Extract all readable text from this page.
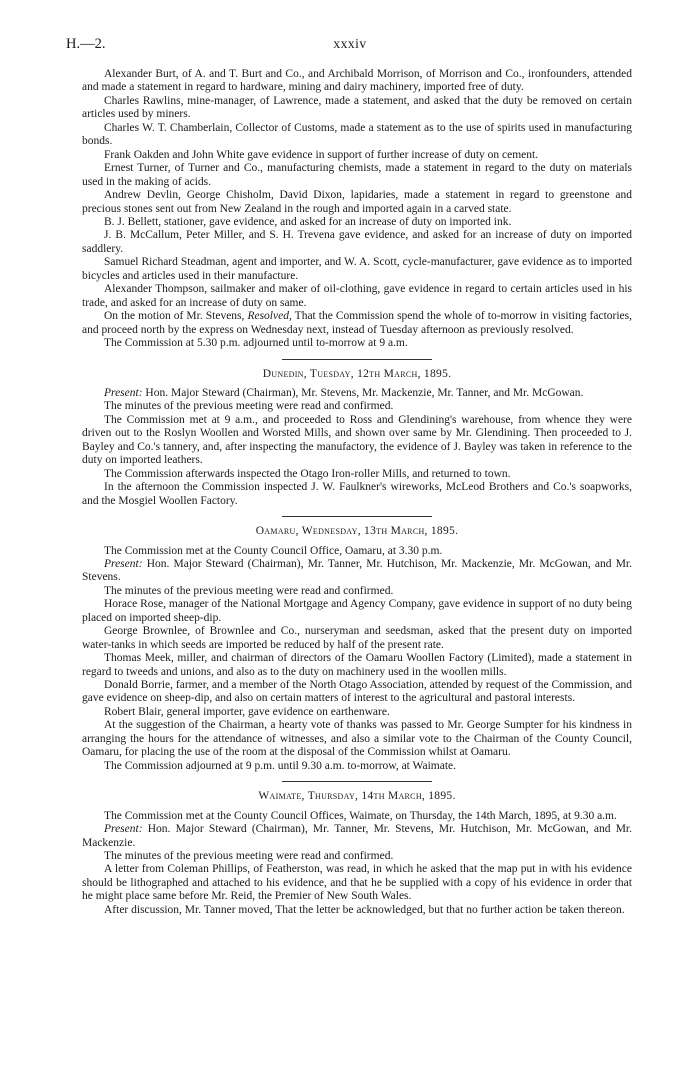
H.—2.	xxxiv

Alexander Burt, of A. and T. Burt and Co., and Archibald Morrison, of Morrison and Co., ironfounders, attended and made a statement in regard to hardware, mining and dairy machinery, imported free of duty.

Charles Rawlins, mine-manager, of Lawrence, made a statement, and asked that the duty be removed on certain articles used by miners.

Charles W. T. Chamberlain, Collector of Customs, made a statement as to the use of spirits used in manufacturing bonds.

Frank Oakden and John White gave evidence in support of further increase of duty on cement.

Ernest Turner, of Turner and Co., manufacturing chemists, made a statement in regard to the duty on materials used in the making of acids.

Andrew Devlin, George Chisholm, David Dixon, lapidaries, made a statement in regard to greenstone and precious stones sent out from New Zealand in the rough and imported again in a carved state.

B. J. Bellett, stationer, gave evidence, and asked for an increase of duty on imported ink.

J. B. McCallum, Peter Miller, and S. H. Trevena gave evidence, and asked for an increase of duty on imported saddlery.

Samuel Richard Steadman, agent and importer, and W. A. Scott, cycle-manufacturer, gave evidence as to imported bicycles and articles used in their manufacture.

Alexander Thompson, sailmaker and maker of oil-clothing, gave evidence in regard to certain articles used in his trade, and asked for an increase of duty on same.

On the motion of Mr. Stevens, Resolved, That the Commission spend the whole of to-morrow in visiting factories, and proceed north by the express on Wednesday next, instead of Tuesday afternoon as previously resolved.

The Commission at 5.30 p.m. adjourned until to-morrow at 9 a.m.

Dunedin, Tuesday, 12th March, 1895.

Present: Hon. Major Steward (Chairman), Mr. Stevens, Mr. Mackenzie, Mr. Tanner, and Mr. McGowan.

The minutes of the previous meeting were read and confirmed.

The Commission met at 9 a.m., and proceeded to Ross and Glendining's warehouse, from whence they were driven out to the Roslyn Woollen and Worsted Mills, and shown over same by Mr. Glendining. Then proceeded to J. Bayley and Co.'s tannery, and, after inspecting the manufactory, the evidence of J. Bayley was taken in reference to the duty on imported leathers.

The Commission afterwards inspected the Otago Iron-roller Mills, and returned to town.

In the afternoon the Commission inspected J. W. Faulkner's wireworks, McLeod Brothers and Co.'s soapworks, and the Mosgiel Woollen Factory.

Oamaru, Wednesday, 13th March, 1895.

The Commission met at the County Council Office, Oamaru, at 3.30 p.m.

Present: Hon. Major Steward (Chairman), Mr. Tanner, Mr. Hutchison, Mr. Mackenzie, Mr. McGowan, and Mr. Stevens.

The minutes of the previous meeting were read and confirmed.

Horace Rose, manager of the National Mortgage and Agency Company, gave evidence in support of no duty being placed on imported sheep-dip.

George Brownlee, of Brownlee and Co., nurseryman and seedsman, asked that the present duty on imported water-tanks in which seeds are imported be reduced by half of the present rate.

Thomas Meek, miller, and chairman of directors of the Oamaru Woollen Factory (Limited), made a statement in regard to tweeds and unions, and also as to the duty on machinery used in the woollen mills.

Donald Borrie, farmer, and a member of the North Otago Association, attended by request of the Commission, and gave evidence on sheep-dip, and also on certain matters of interest to the agricultural and pastoral interests.

Robert Blair, general importer, gave evidence on earthenware.

At the suggestion of the Chairman, a hearty vote of thanks was passed to Mr. George Sumpter for his kindness in arranging the hours for the attendance of witnesses, and also a similar vote to the Chairman of the County Council, Oamaru, for placing the use of the room at the disposal of the Commission whilst at Oamaru.

The Commission adjourned at 9 p.m. until 9.30 a.m. to-morrow, at Waimate.

Waimate, Thursday, 14th March, 1895.

The Commission met at the County Council Offices, Waimate, on Thursday, the 14th March, 1895, at 9.30 a.m.

Present: Hon. Major Steward (Chairman), Mr. Tanner, Mr. Stevens, Mr. Hutchison, Mr. McGowan, and Mr. Mackenzie.

The minutes of the previous meeting were read and confirmed.

A letter from Coleman Phillips, of Featherston, was read, in which he asked that the map put in with his evidence should be lithographed and attached to his evidence, and that he be supplied with a copy of his evidence in order that he might place same before Mr. Reid, the Premier of New South Wales.

After discussion, Mr. Tanner moved, That the letter be acknowledged, but that no further action be taken thereon.
